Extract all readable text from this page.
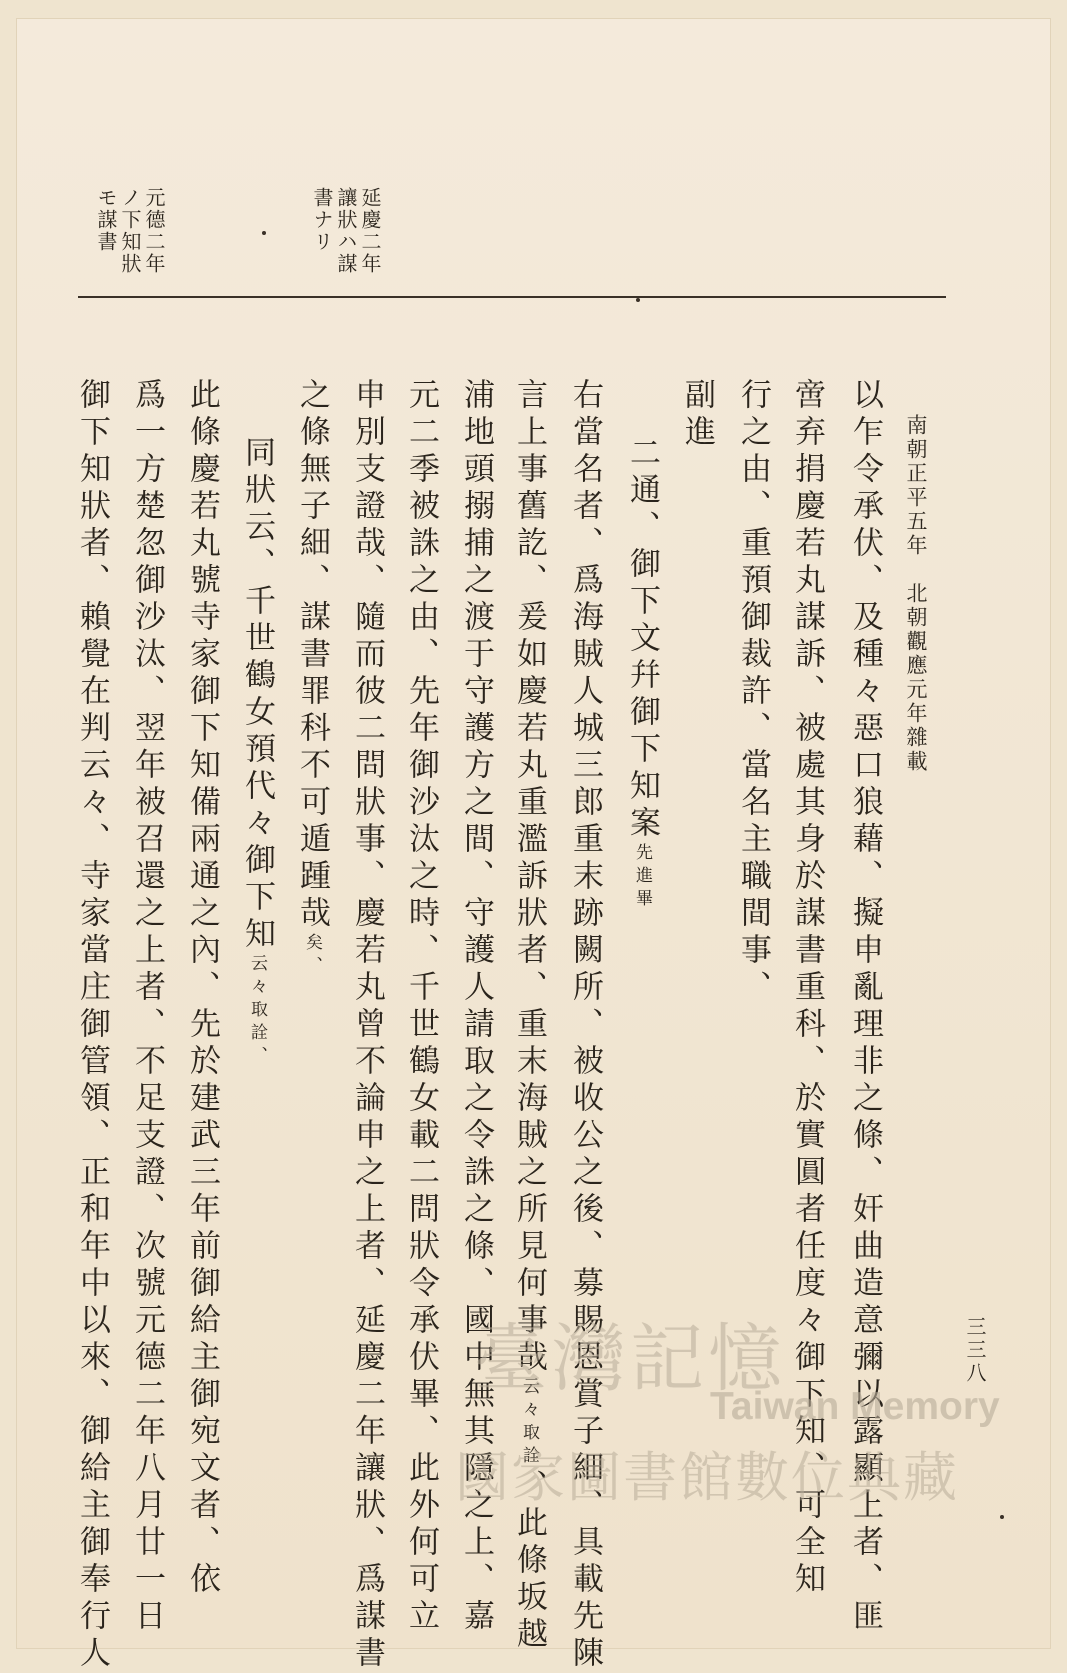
延慶二年
讓狀ハ謀
書ナリ
元德二年
ノ下知狀
モ謀書
南朝正平五年　北朝觀應元年雜載
三三八
以乍令承伏、及種々惡口狼藉、擬申亂理非之條、奸曲造意彌以露顯上者、匪
啻弃捐慶若丸謀訴、被處其身於謀書重科、於實圓者任度々御下知、可全知
行之由、重預御裁許、當名主職間事、
副進
二通、御下文幷御下知案先進畢
右當名者、爲海賊人城三郎重末跡闕所、被收公之後、募賜恩賞子細、具載先陳
言上事舊訖、爰如慶若丸重濫訴狀者、重末海賊之所見何事哉云々取詮、此條坂越
浦地頭搦捕之渡于守護方之間、守護人請取之令誅之條、國中無其隱之上、嘉
元二季被誅之由、先年御沙汰之時、千世鶴女載二問狀令承伏畢、此外何可立
申別支證哉、隨而彼二問狀事、慶若丸曾不論申之上者、延慶二年讓狀、爲謀書
之條無子細、謀書罪科不可遁踵哉矣、
同狀云、千世鶴女預代々御下知云々取詮、
此條慶若丸號寺家御下知備兩通之內、先於建武三年前御給主御宛文者、依
爲一方楚忽御沙汰、翌年被召還之上者、不足支證、次號元德二年八月廿一日
御下知狀者、賴覺在判云々、寺家當庄御管領、正和年中以來、御給主御奉行人	臺灣記憶
Taiwan Memory
國家圖書館數位典藏
